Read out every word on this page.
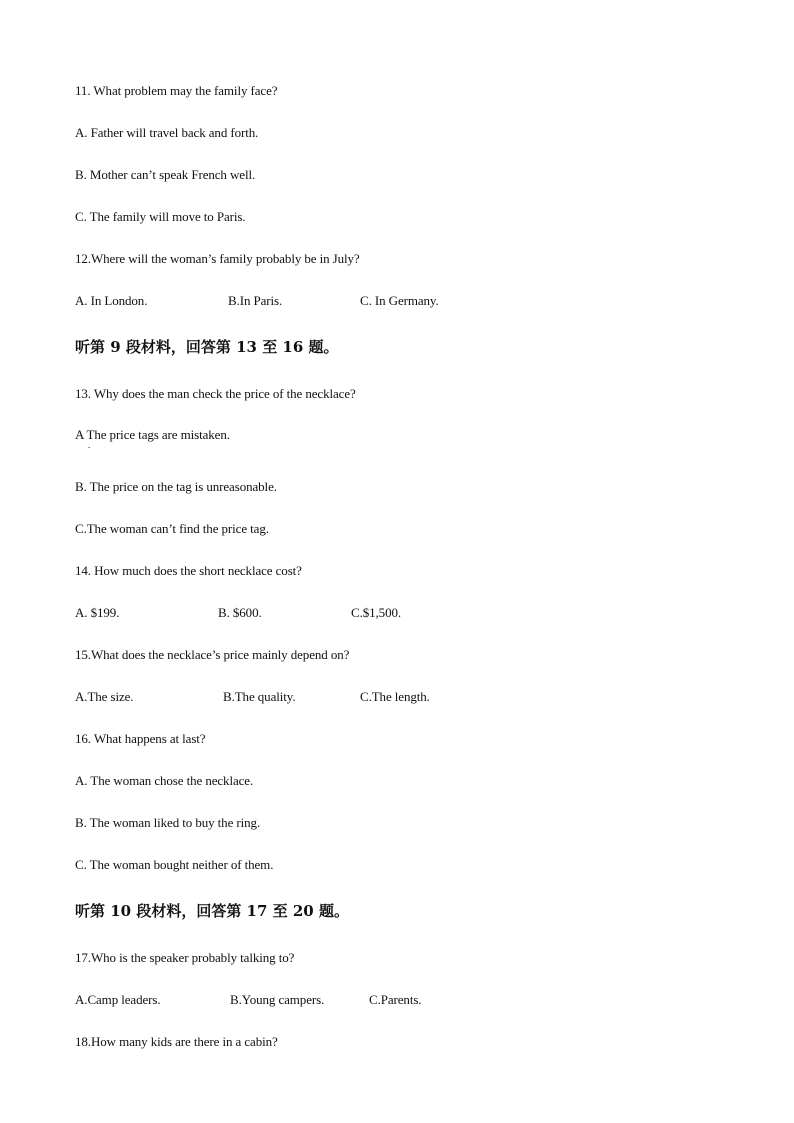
11. What problem may the family face?
A. Father will travel back and forth.
B. Mother can’t speak French well.
C. The family will move to Paris.
12.Where will the woman’s family probably be in July?
A. In London.	B.In Paris.	C. In Germany.
听第 9 段材料，回答第 13 至 16 题。
13. Why does the man check the price of the necklace?
A The price tags are mistaken.
.
B. The price on the tag is unreasonable.
C.The woman can’t find the price tag.
14. How much does the short necklace cost?
A. $199.	B. $600.	C.$1,500.
15.What does the necklace’s price mainly depend on?
A.The size.	B.The quality.	C.The length.
16. What happens at last?
A. The woman chose the necklace.
B. The woman liked to buy the ring.
C. The woman bought neither of them.
听第 10 段材料，回答第 17 至 20 题。
17.Who is the speaker probably talking to?
A.Camp leaders.	B.Young campers.	C.Parents.
18.How many kids are there in a cabin?
